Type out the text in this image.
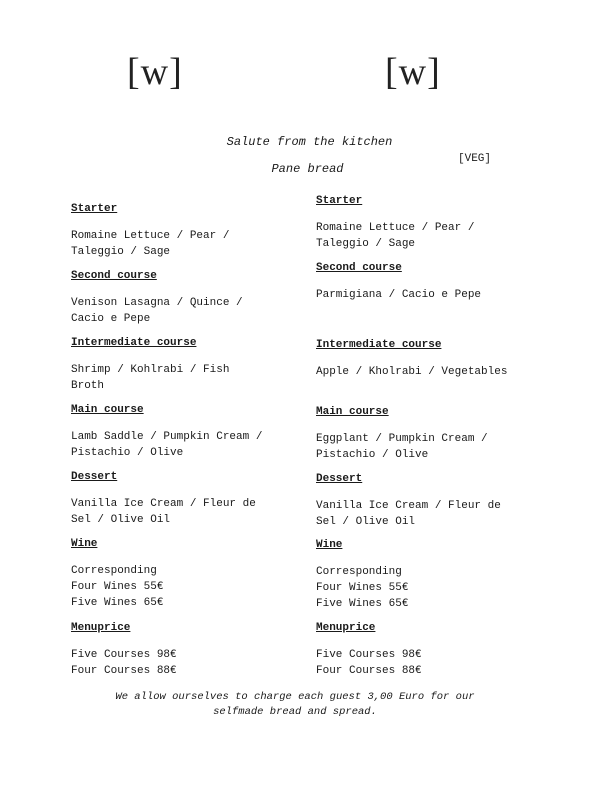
[w]	[w]
Salute from the kitchen
[VEG]
Pane bread
Starter
Romaine Lettuce / Pear /
Taleggio / Sage
Second course
Venison Lasagna / Quince /
Cacio e Pepe
Intermediate course
Shrimp / Kohlrabi / Fish
Broth
Main course
Lamb Saddle / Pumpkin Cream /
Pistachio / Olive
Dessert
Vanilla Ice Cream / Fleur de
Sel / Olive Oil
Wine
Corresponding
Four Wines 55€
Five Wines 65€
Menuprice
Five Courses 98€
Four Courses 88€
Starter
Romaine Lettuce / Pear /
Taleggio / Sage
Second course
Parmigiana / Cacio e Pepe
Intermediate course
Apple / Kholrabi / Vegetables
Main course
Eggplant / Pumpkin Cream /
Pistachio / Olive
Dessert
Vanilla Ice Cream / Fleur de
Sel / Olive Oil
Wine
Corresponding
Four Wines 55€
Five Wines 65€
Menuprice
Five Courses 98€
Four Courses 88€
We allow ourselves to charge each guest 3,00 Euro for our
selfmade bread and spread.
